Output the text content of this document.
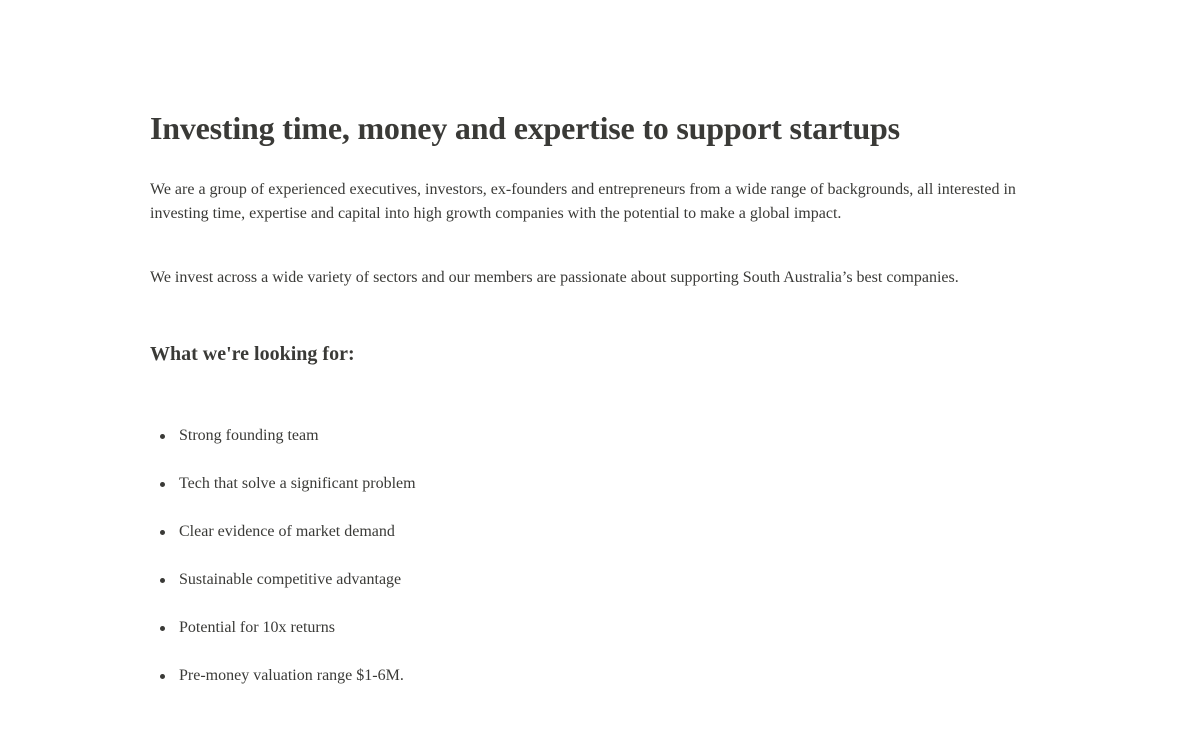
Investing time, money and expertise to support startups

We are a group of experienced executives, investors, ex-founders and entrepreneurs from a wide range of backgrounds, all interested in investing time, expertise and capital into high growth companies with the potential to make a global impact.

We invest across a wide variety of sectors and our members are passionate about supporting South Australia’s best companies.

What we're looking for:
Strong founding team
Tech that solve a significant problem
Clear evidence of market demand
Sustainable competitive advantage
Potential for 10x returns
Pre-money valuation range $1-6M.
